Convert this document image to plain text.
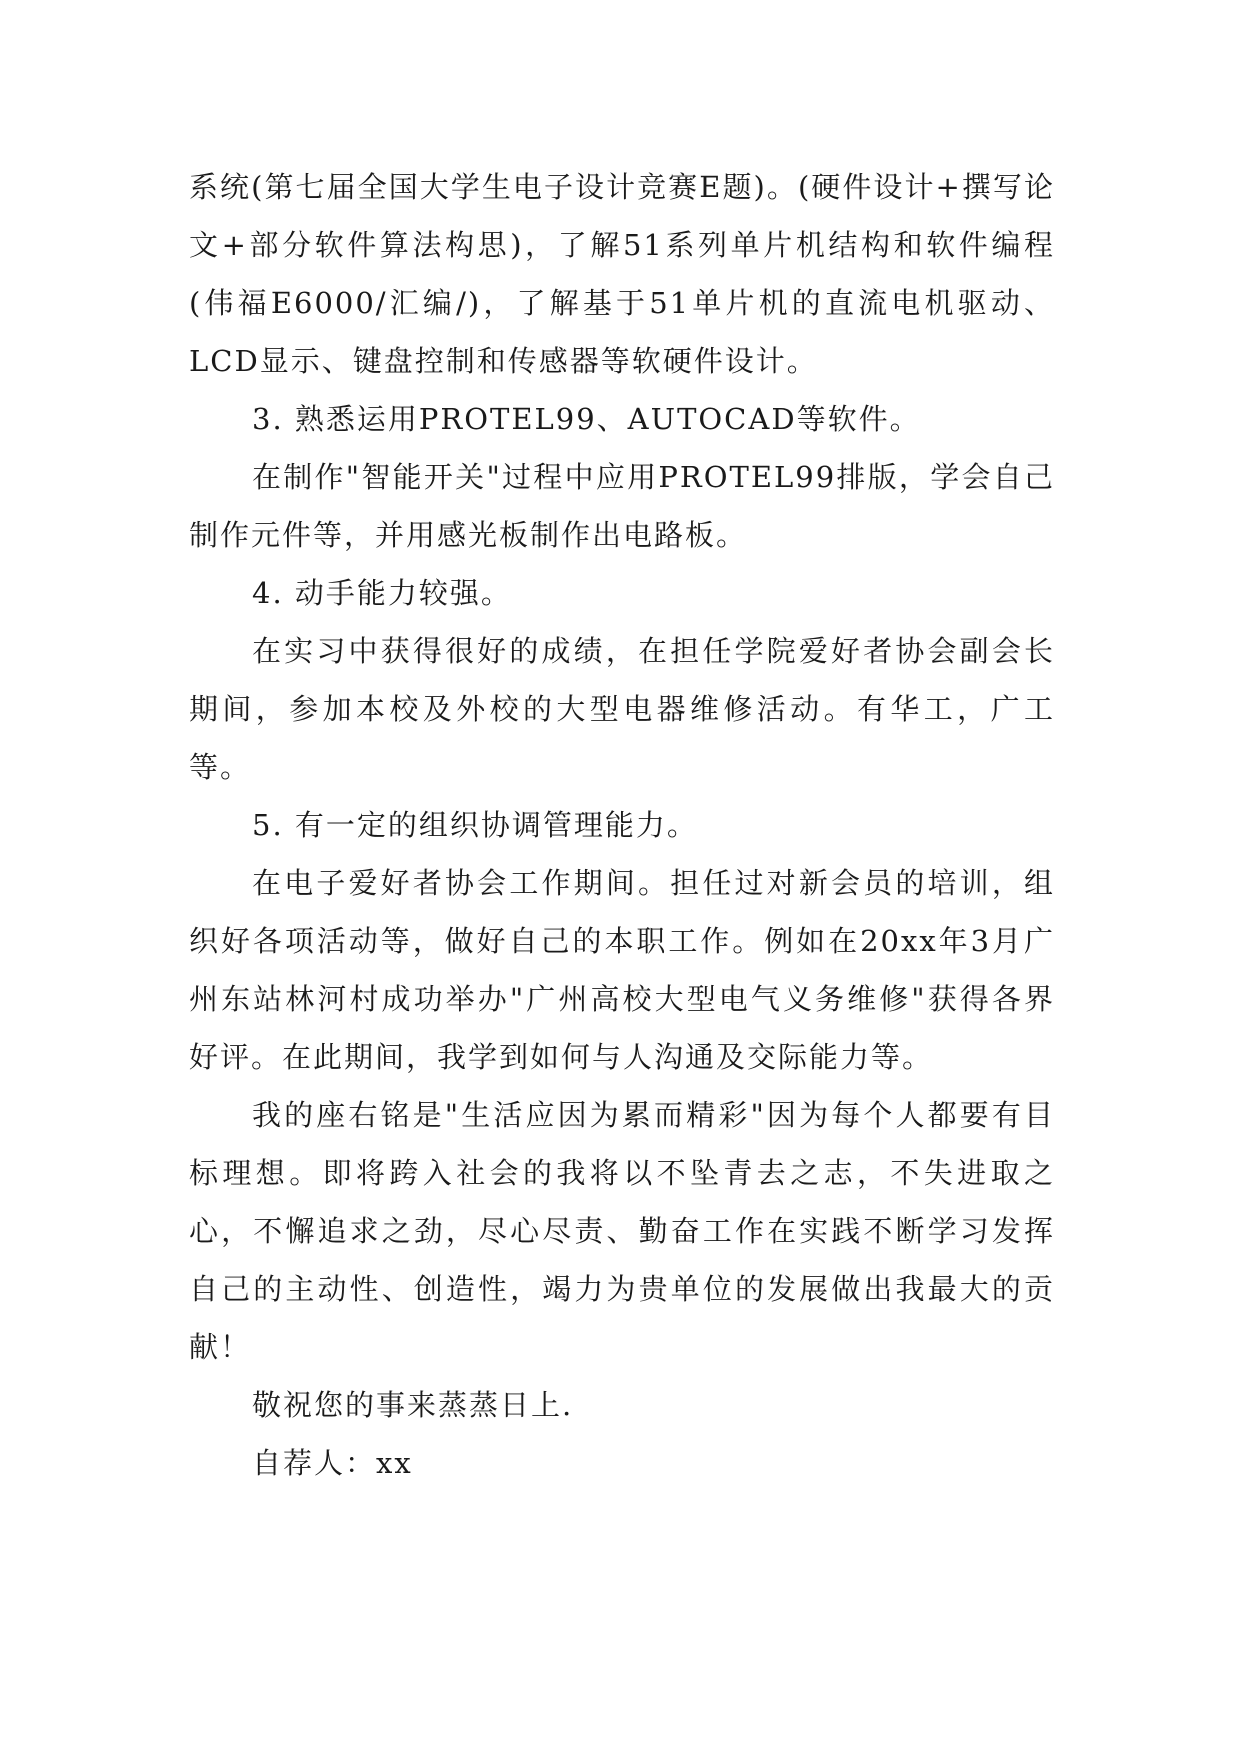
系统(第七届全国大学生电子设计竞赛E题)。(硬件设计+撰写论文+部分软件算法构思)，了解51系列单片机结构和软件编程(伟福E6000/汇编/)，了解基于51单片机的直流电机驱动、LCD显示、键盘控制和传感器等软硬件设计。

3. 熟悉运用PROTEL99、AUTOCAD等软件。

在制作"智能开关"过程中应用PROTEL99排版，学会自己制作元件等，并用感光板制作出电路板。

4. 动手能力较强。

在实习中获得很好的成绩，在担任学院爱好者协会副会长期间，参加本校及外校的大型电器维修活动。有华工，广工等。

5. 有一定的组织协调管理能力。

在电子爱好者协会工作期间。担任过对新会员的培训，组织好各项活动等，做好自己的本职工作。例如在20xx年3月广州东站林河村成功举办"广州高校大型电气义务维修"获得各界好评。在此期间，我学到如何与人沟通及交际能力等。

我的座右铭是"生活应因为累而精彩"因为每个人都要有目标理想。即将跨入社会的我将以不坠青去之志，不失进取之心，不懈追求之劲，尽心尽责、勤奋工作在实践不断学习发挥自己的主动性、创造性，竭力为贵单位的发展做出我最大的贡献！

敬祝您的事来蒸蒸日上.

自荐人：xx
